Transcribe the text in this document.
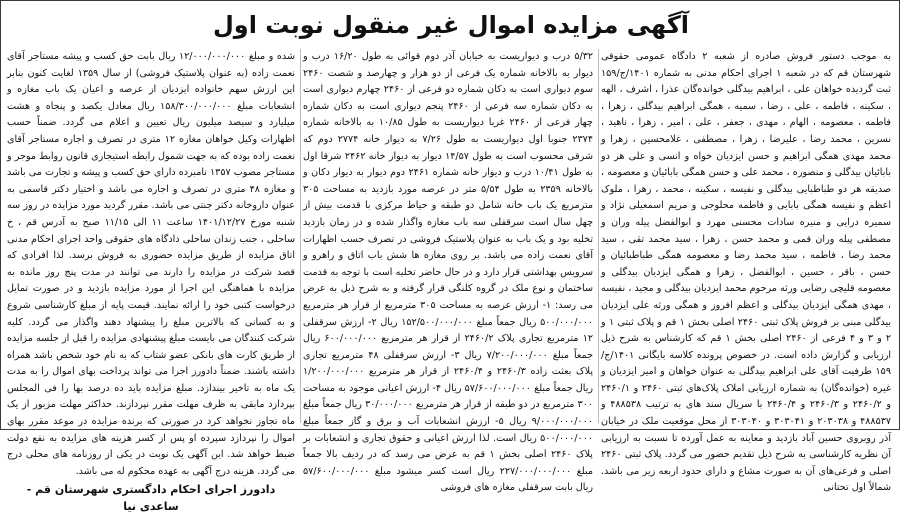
آگهی مزایده اموال غیر منقول نوبت اول
به موجب دستور فروش صادره از شعبه ۲ دادگاه عمومی حقوقی شهرستان قم که در شعبه ۱ اجرای احکام مدنی به شماره ۱۴۰۱/ج/۱۵۹ ثبت گردیده خواهان علی ، ابراهیم بیدگلی خوانده‌گان عذرا ، اشرف ، الهه ، سکینه ، فاطمه ، علی ، رضا ، سمیه ، همگی ابراهیم بیدگلی ، زهرا ، فاطمه ، معصومه ، الهام ، مهدی ، جعفر ، علی ، امیر ، زهرا ، ناهید ، نسرین ، محمد رضا ، علیرضا ، زهرا ، مصطفی ، غلامحسین ، زهرا و محمد مهدی همگی ابراهیم و حسن ایزدیان خواه و انسی و علی هر دو بابائیان بیدگلی و منصوره ، محمد علی و حسن همگی بابائیان و معصومه ، صدیقه هر دو طباطبایی بیدگلی و نفیسه ، سکینه ، محمد ، زهرا ، ملوک اعظم و نفیسه همگی بابایی و فاطمه محلوجی و مریم اسمعیلی نژاد و سمیره درایی و منیره سادات محسنی مهرد و ابوالفضل پیله وران و مصطفی پیله وران قمی و محمد حسن ، زهرا ، سید محمد تقی ، سید محمد رضا ، فاطمه ، سید محمد رضا و معصومه همگی طباطبائیان و حسن ، باقر ، حسین ، ابوالفضل ، زهرا و همگی ایزدیان بیدگلی و معصومه قلیچی رضایی ورثه مرحوم محمد ایزدیان بیدگلی و مجید ، نفیسه ، مهدی همگی ایزدیان بیدگلی و اعظم افروز و همگی ورثه علی ایزدیان بیدگلی مبنی بر فروش پلاک ثبتی ۲۴۶۰ اصلی بخش ۱ قم و پلاک ثبتی ۱ و ۲ و ۳ و ۴ فرعی از ۲۴۶۰ اصلی بخش ۱ قم که کارشناس به شرح ذیل ارزیابی و گزارش داده است. در خصوص پرونده کلاسه بایگانی ۱۴۰۱/ج/۱۵۹ طرفیت آقای علی ابراهیم بیدگلی به عنوان خواهان و امیر ایزدیان و غیره (خوانده‌گان) به شماره ارزیابی املاک پلاک‌های ثبتی ۲۴۶۰ و ۲۴۶۰/۱ و ۲۴۶۰/۲ و ۲۴۶۰/۳ و ۲۴۶۰/۴ با سریال سند های به ترتیب ۴۸۸۵۳۸ و ۴۸۸۵۳۷ و ۲۰۳۰۳۸ و ۳۰۳۰۴۱ و ۳۰۳۰۴۰ از محل موقعیت ملک در خیابان آذر روبروی حسین آباد بازدید و معاینه به عمل آورده تا نسبت به ارزیابی آن نظریه کارشناسی به شرح ذیل تقدیم حضور می گردد. پلاک ثبتی ۲۴۶۰ اصلی و فرعی‌های آن به صورت مشاع و دارای حدود اربعه زیر می باشد. شمالاً اول تحتانی
۵/۳۲ درب و دیواریست به خیابان آذر دوم قوائی به طول ۱۶/۲۰ درب و دیوار به بالاخانه شماره یک فرعی از دو هزار و چهارصد و شصت ۲۴۶۰ سوم دیواری است به دکان شماره دو فرعی از ۲۴۶۰ چهارم دیواری است به دکان شماره سه فرعی از ۲۴۶۰ پنجم دیواری است به دکان شماره چهار فرعی از ۲۴۶۰ غربا دیواریست به طول ۱۰/۸۵ به بالاخانه شماره ۲۳۷۴ جنوبا اول دیواریست به طول ۷/۲۶ به دیوار خانه ۲۷۷۴ دوم که شرقی محسوب است به طول ۱۴/۵۷ دیوار به دیوار خانه ۲۴۶۲ شرقا اول به طول ۱۰/۴۱ درب و دیوار خانه شماره ۲۴۶۱ دوم دیوار به دیوار دکان و بالاخانه ۲۳۵۹ به طول ۵/۵۴ متر در عرصه مورد بازدید به مساحت ۳۰۵ مترمربع یک باب خانه شامل دو طبقه و حیاط مرکزی با قدمت بیش از چهل سال است سرقفلی سه باب مغازه واگذار شده و در زمان بازدید تخلیه بود و یک باب به عنوان پلاستیک فروشی در تصرف حسب اظهارات آقای نعمت زاده می باشد. بر روی مغازه ها شش باب اتاق و راهرو و سرویس بهداشتی قرار دارد و در حال حاضر تخلیه است با توجه به قدمت ساختمان و نوع ملک در گروه کلنگی قرار گرفته و به شرح ذیل به عرض می رسد: ۱- ارزش عرصه به مساحت ۳۰۵ مترمربع از قرار هر مترمربع ۵۰۰/۰۰۰/۰۰۰ ریال جمعاً مبلغ ۱۵۲/۵۰۰/۰۰۰/۰۰۰ ریال ۲- ارزش سرقفلی ۱۲ مترمربع تجاری پلاک ۲۴۶۰/۲ از قرار هر مترمربع ۶۰۰/۰۰۰/۰۰۰ ریال جمعاً مبلغ ۷/۲۰۰/۰۰۰/۰۰۰ ریال ۳- ارزش سرقفلی ۴۸ مترمربع تجاری پلاک بعثت زاده ۲۴۶۰/۳ و ۲۴۶۰/۴ از قرار هر مترمربع ۱/۲۰۰/۰۰۰/۰۰۰ ریال جمعاً مبلغ ۵۷/۶۰۰/۰۰۰/۰۰۰ ریال ۴- ارزش اعیانی موجود به مساحت ۳۰۰ مترمربع در دو طبقه از قرار هر مترمربع ۳۰/۰۰۰/۰۰۰ ریال جمعاً مبلغ ۹/۰۰۰/۰۰۰/۰۰۰ ریال ۵- ارزش انشعابات آب و برق و گاز جمعاً مبلغ ۵۰۰/۰۰۰/۰۰۰ ریال است. لذا ارزش اعیانی و حقوق تجاری و انشعابات بر پلاک ۲۴۶۰ اصلی بخش ۱ قم به عرض می رسد که در ردیف بالا جمعاً مبلغ ۲۲۷/۰۰۰/۰۰۰/۰۰۰ ریال است کسر میشود مبلغ ۵۷/۶۰۰/۰۰۰/۰۰۰ ریال بابت سرقفلی مغازه های فروشی
شده و مبلغ ۱۲/۰۰۰/۰۰۰/۰۰۰ ریال بابت حق کسب و پیشه مستاجر آقای نعمت زاده (به عنوان پلاستیک فروشی) از سال ۱۳۵۹ لغایت کنون بنابر این ارزش سهم خانواده ایزدیان از عرصه و اعیان یک باب مغازه و انشعابات مبلغ ۱۵۸/۳۰۰/۰۰۰/۰۰۰ ریال معادل یکصد و پنجاه و هشت میلیارد و سیصد میلیون ریال تعیین و اعلام می گردد. ضمناً حسب اظهارات وکیل خواهان مغازه ۱۲ متری در تصرف و اجاره مستاجر آقای نعمت زاده بوده که به جهت شمول رابطه استیجاری قانون روابط موجر و مستاجر مصوب ۱۳۵۷ نامبرده دارای حق کسب و پیشه و تجارت می باشد و مغازه ۴۸ متری در تصرف و اجاره می باشد و اختیار دکتر قاسمی به عنوان داروخانه دکتر جنتی می باشد. مقرر گردید مورد مزایده در روز سه شنبه مورخ ۱۴۰۱/۱۲/۲۷ ساعت ۱۱ الی ۱۱/۱۵ صبح به آدرس قم ، خ ساحلی ، جنب زندان ساحلی دادگاه های حقوقی واحد اجرای احکام مدنی اتاق مزایده از طریق مزایده حضوری به فروش برسد. لذا افرادی که قصد شرکت در مزایده را دارند می توانند در مدت پنج روز مانده به مزایده با هماهنگی این اجرا از مورد مزایده بازدید و در صورت تمایل درخواست کتبی خود را ارائه نمایند. قیمت پایه از مبلغ کارشناسی شروع و به کسانی که بالاترین مبلغ را پیشنهاد دهند واگذار می گردد. کلیه شرکت کنندگان می بایست مبلغ پیشنهادی مزایده را قبل از جلسه مزایده از طریق کارت های بانکی عضو شتاب که به نام خود شخص باشد همراه داشته باشند. ضمناً دادورز اجرا می تواند پرداخت بهای اموال را به مدت یک ماه به تاخیر بیندازد. مبلغ مزایده باید ده درصد بها را فی المجلس بپردازد مابقی به ظرف مهلت مقرر نپردازند. حداکثر مهلت مزبور از یک ماه تجاوز نخواهد کرد در صورتی که برنده مزایده در موعد مقرر بهای اموال را نپردازد سپرده او پس از کسر هزینه های مزایده به نفع دولت ضبط خواهد شد. این آگهی یک نوبت در یکی از روزنامه های محلی درج می گردد. هزینه درج آگهی به عهده محکوم له می باشد.
دادورز اجرای احکام دادگستری شهرستان قم - ساعدی نیا
